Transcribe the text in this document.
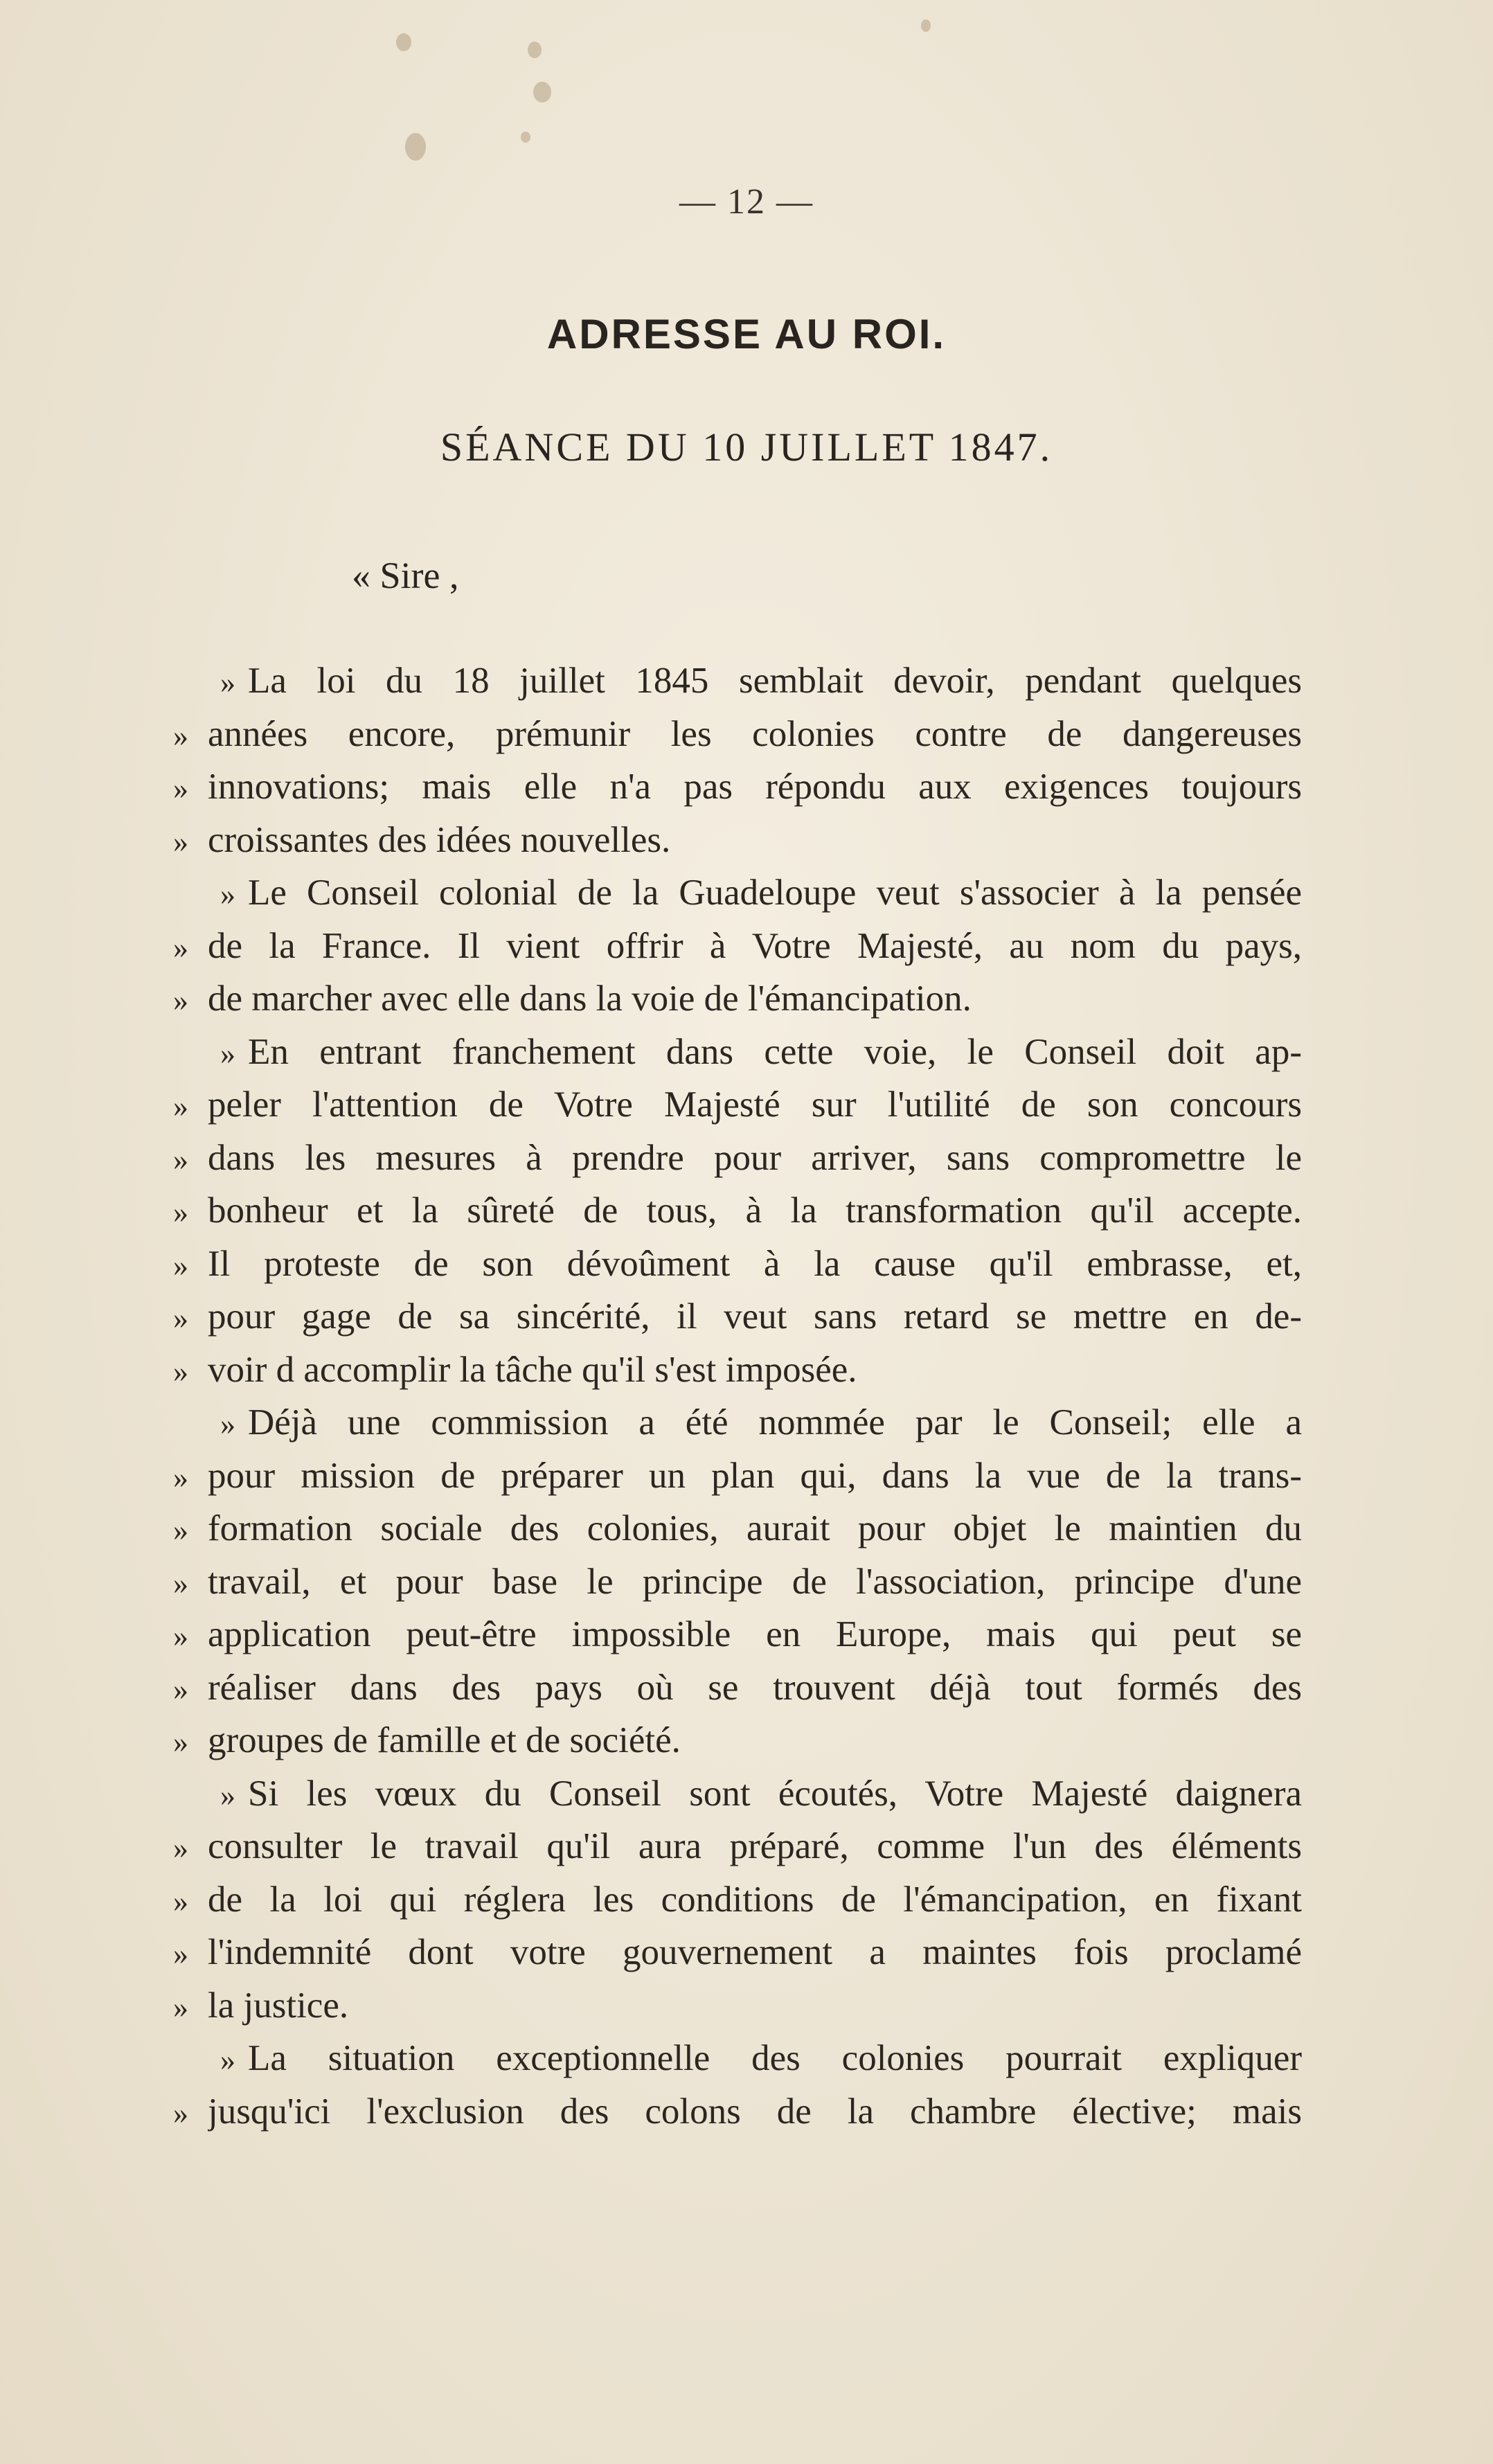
— 12 —
ADRESSE AU ROI.
SÉANCE DU 10 JUILLET 1847.
« Sire ,
» La loi du 18 juillet 1845 semblait devoir, pendant quelques
» années encore, prémunir les colonies contre de dangereuses
» innovations; mais elle n'a pas répondu aux exigences toujours
» croissantes des idées nouvelles.
» Le Conseil colonial de la Guadeloupe veut s'associer à la pensée
» de la France. Il vient offrir à Votre Majesté, au nom du pays,
» de marcher avec elle dans la voie de l'émancipation.
» En entrant franchement dans cette voie, le Conseil doit ap-
» peler l'attention de Votre Majesté sur l'utilité de son concours
» dans les mesures à prendre pour arriver, sans compromettre le
» bonheur et la sûreté de tous, à la transformation qu'il accepte.
» Il proteste de son dévoûment à la cause qu'il embrasse, et,
» pour gage de sa sincérité, il veut sans retard se mettre en de-
» voir d accomplir la tâche qu'il s'est imposée.
» Déjà une commission a été nommée par le Conseil; elle a
» pour mission de préparer un plan qui, dans la vue de la trans-
» formation sociale des colonies, aurait pour objet le maintien du
» travail, et pour base le principe de l'association, principe d'une
» application peut-être impossible en Europe, mais qui peut se
» réaliser dans des pays où se trouvent déjà tout formés des
» groupes de famille et de société.
» Si les vœux du Conseil sont écoutés, Votre Majesté daignera
» consulter le travail qu'il aura préparé, comme l'un des éléments
» de la loi qui réglera les conditions de l'émancipation, en fixant
» l'indemnité dont votre gouvernement a maintes fois proclamé
» la justice.
» La situation exceptionnelle des colonies pourrait expliquer
» jusqu'ici l'exclusion des colons de la chambre élective; mais
